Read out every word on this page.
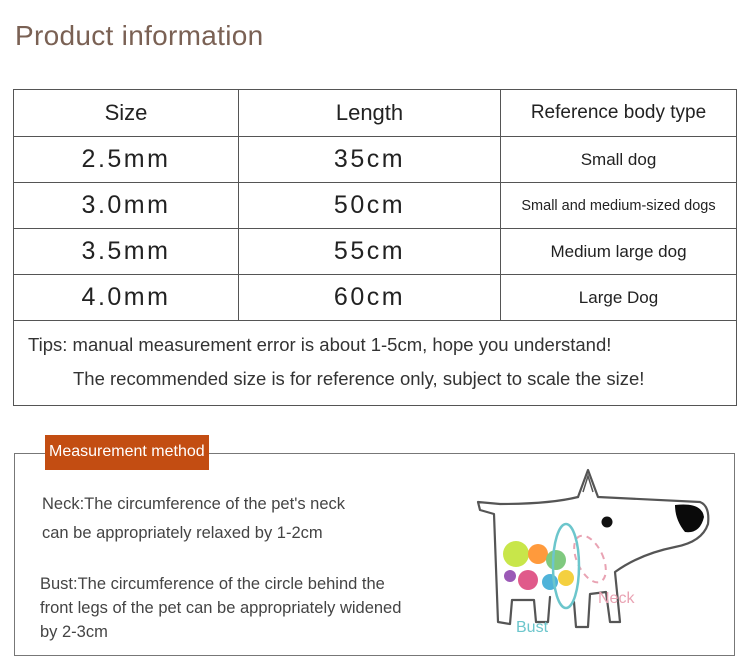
Product information
Size	Length	Reference body type
2.5mm	35cm	Small dog
3.0mm	50cm	Small and medium-sized dogs
3.5mm	55cm	Medium large dog
4.0mm	60cm	Large Dog

Tips: manual measurement error is about 1-5cm, hope you understand!
The recommended size is for reference only, subject to scale the size!		
Measurement method
Neck:The circumference of the pet's neck
can be appropriately relaxed by 1-2cm
Bust:The circumference of the circle behind the
front legs of the pet can be appropriately widened
by 2-3cm
Neck
Bust
